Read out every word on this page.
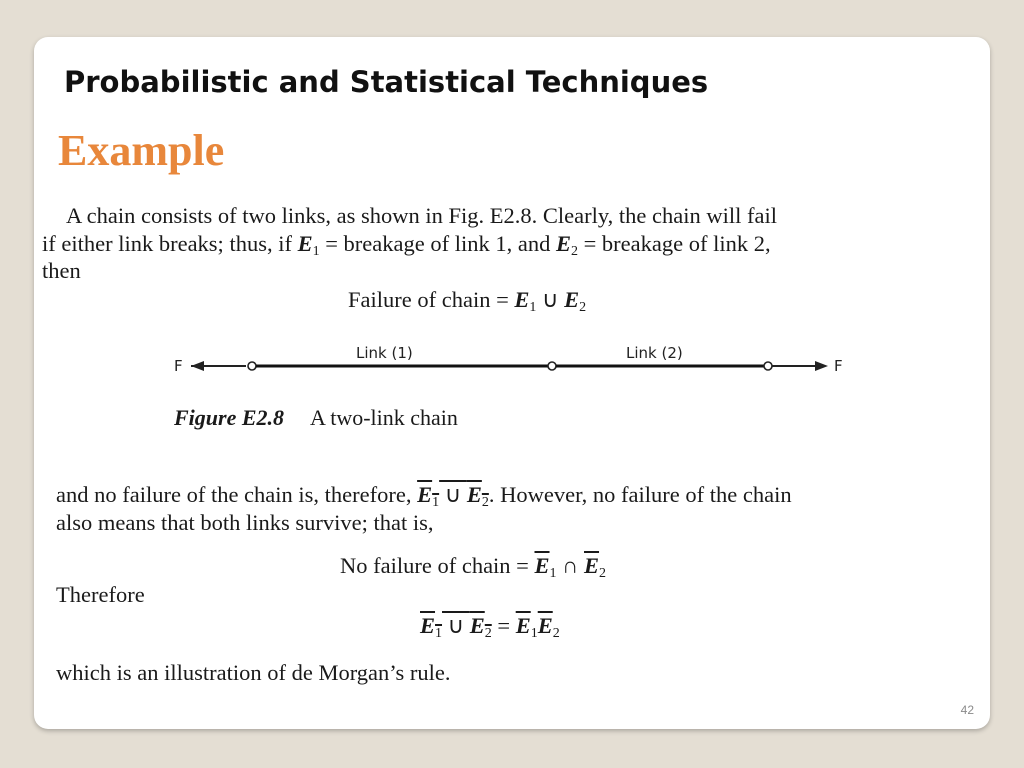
Probabilistic and Statistical Techniques
Example
A chain consists of two links, as shown in Fig. E2.8. Clearly, the chain will fail
if either link breaks; thus, if E1 = breakage of link 1, and E2 = breakage of link 2,
then
Failure of chain = E1 ∪ E2
F	F
Link (1)	Link (2)
Figure E2.8 A two-link chain
and no failure of the chain is, therefore, E1 ∪ E2. However, no failure of the chain
also means that both links survive; that is,
No failure of chain = $\overline{E}1$ ∩ $\overline{E}2$
Therefore
E1 ∪ $E2 = \overline{E}1\overline{E}2$
which is an illustration of de Morgan’s rule.
42
